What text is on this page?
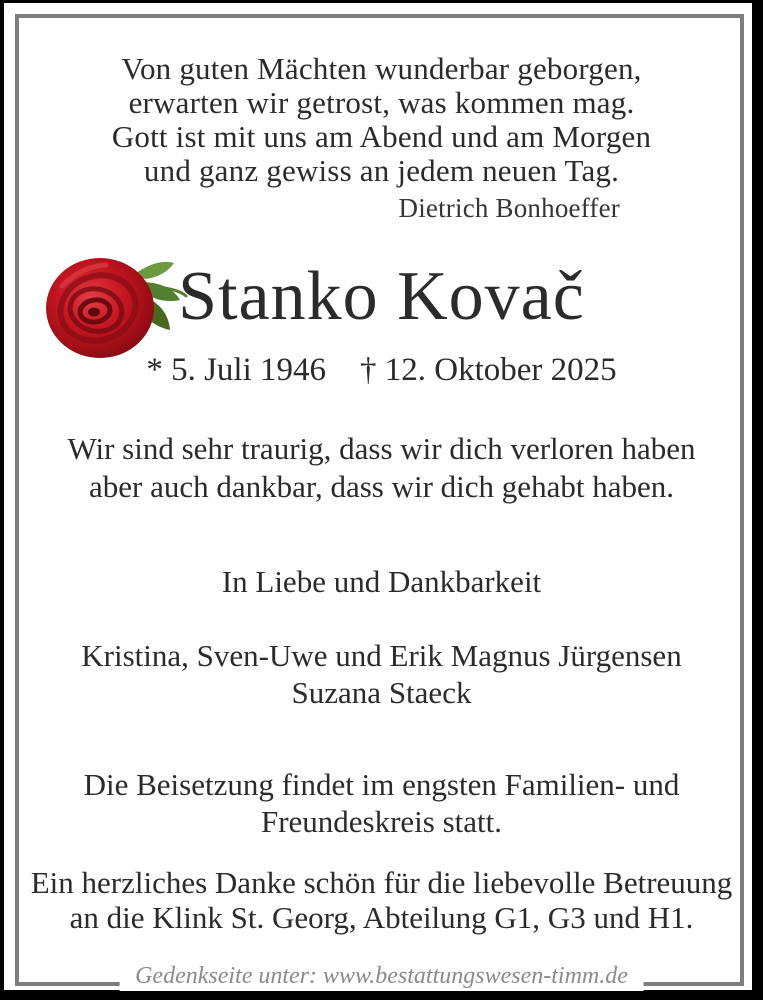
Von guten Mächten wunderbar geborgen,
erwarten wir getrost, was kommen mag.
Gott ist mit uns am Abend und am Morgen
und ganz gewiss an jedem neuen Tag.
Dietrich Bonhoeffer
Stanko Kovač
* 5. Juli 1946 † 12. Oktober 2025
Wir sind sehr traurig, dass wir dich verloren haben
aber auch dankbar, dass wir dich gehabt haben.
In Liebe und Dankbarkeit
Kristina, Sven-Uwe und Erik Magnus Jürgensen
Suzana Staeck
Die Beisetzung findet im engsten Familien- und
Freundeskreis statt.
Ein herzliches Danke schön für die liebevolle Betreuung
an die Klink St. Georg, Abteilung G1, G3 und H1.
Gedenkseite unter: www.bestattungswesen-timm.de
